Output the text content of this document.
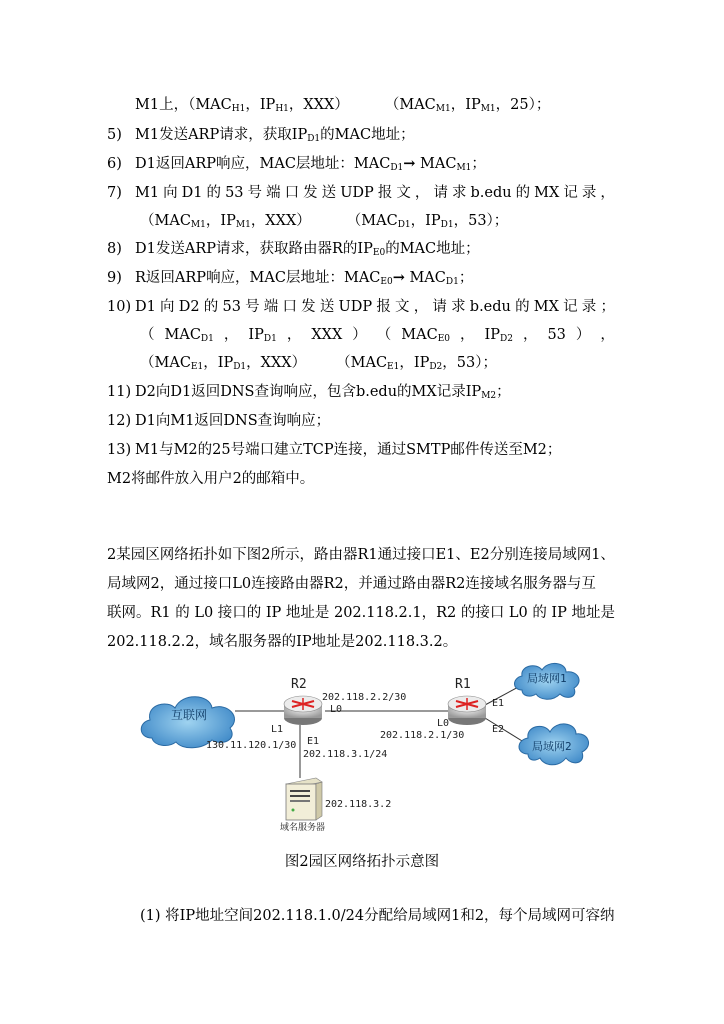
M1上，（$MAC_{H1}$，$IP_{H1}$，XXX） （$MAC_{M1}$，$IP_{M1}$，25）；
5) M1发送ARP请求，获取$IP_{D1}$的MAC地址；
6) D1返回ARP响应，MAC层地址：$MAC_{D1}\to MAC_{M1}$；
7) M1 向 D1 的 53 号 端 口 发 送 UDP 报 文 ， 请 求 b.edu 的 MX 记 录 ，
（$MAC_{M1}$，$IP_{M1}$，XXX） （$MAC_{D1}$，$IP_{D1}$，53）；
8) D1发送ARP请求，获取路由器R的$IP_{E0}$的MAC地址；
9) R返回ARP响应，MAC层地址：$MAC_{E0}\to MAC_{D1}$；
10) D1 向 D2 的 53 号 端 口 发 送 UDP 报 文 ， 请 求 b.edu 的 MX 记 录 ；
（ $MAC_{D1}$ ， $IP_{D1}$ ， XXX ） （ $MAC_{E0}$ ， $IP_{D2}$ ， 53 ） ，
（$MAC_{E1}$，$IP_{D1}$，XXX） （$MAC_{E1}$，$IP_{D2}$，53）；
11) D2向D1返回DNS查询响应，包含b.edu的MX记录$IP_{M2}$；
12) D1向M1返回DNS查询响应；
13) M1与M2的25号端口建立TCP连接，通过SMTP邮件传送至M2；
M2将邮件放入用户2的邮箱中。
2某园区网络拓扑如下图2所示，路由器R1通过接口E1、E2分别连接局域网1、
局域网2，通过接口L0连接路由器R2，并通过路由器R2连接域名服务器与互
联网。R1 的 L0 接口的 IP 地址是 202.118.2.1，R2 的接口 L0 的 IP 地址是
202.118.2.2，域名服务器的IP地址是202.118.3.2。
互联网
局域网1
局域网2
R2	R1
202.118.2.2/30
L0
L0
202.118.2.1/30
L1
130.11.120.1/30 E1
202.118.3.1/24
E1
E2
202.118.3.2
域名服务器
图2园区网络拓扑示意图
(1) 将IP地址空间202.118.1.0/24分配给局域网1和2，每个局域网可容纳
